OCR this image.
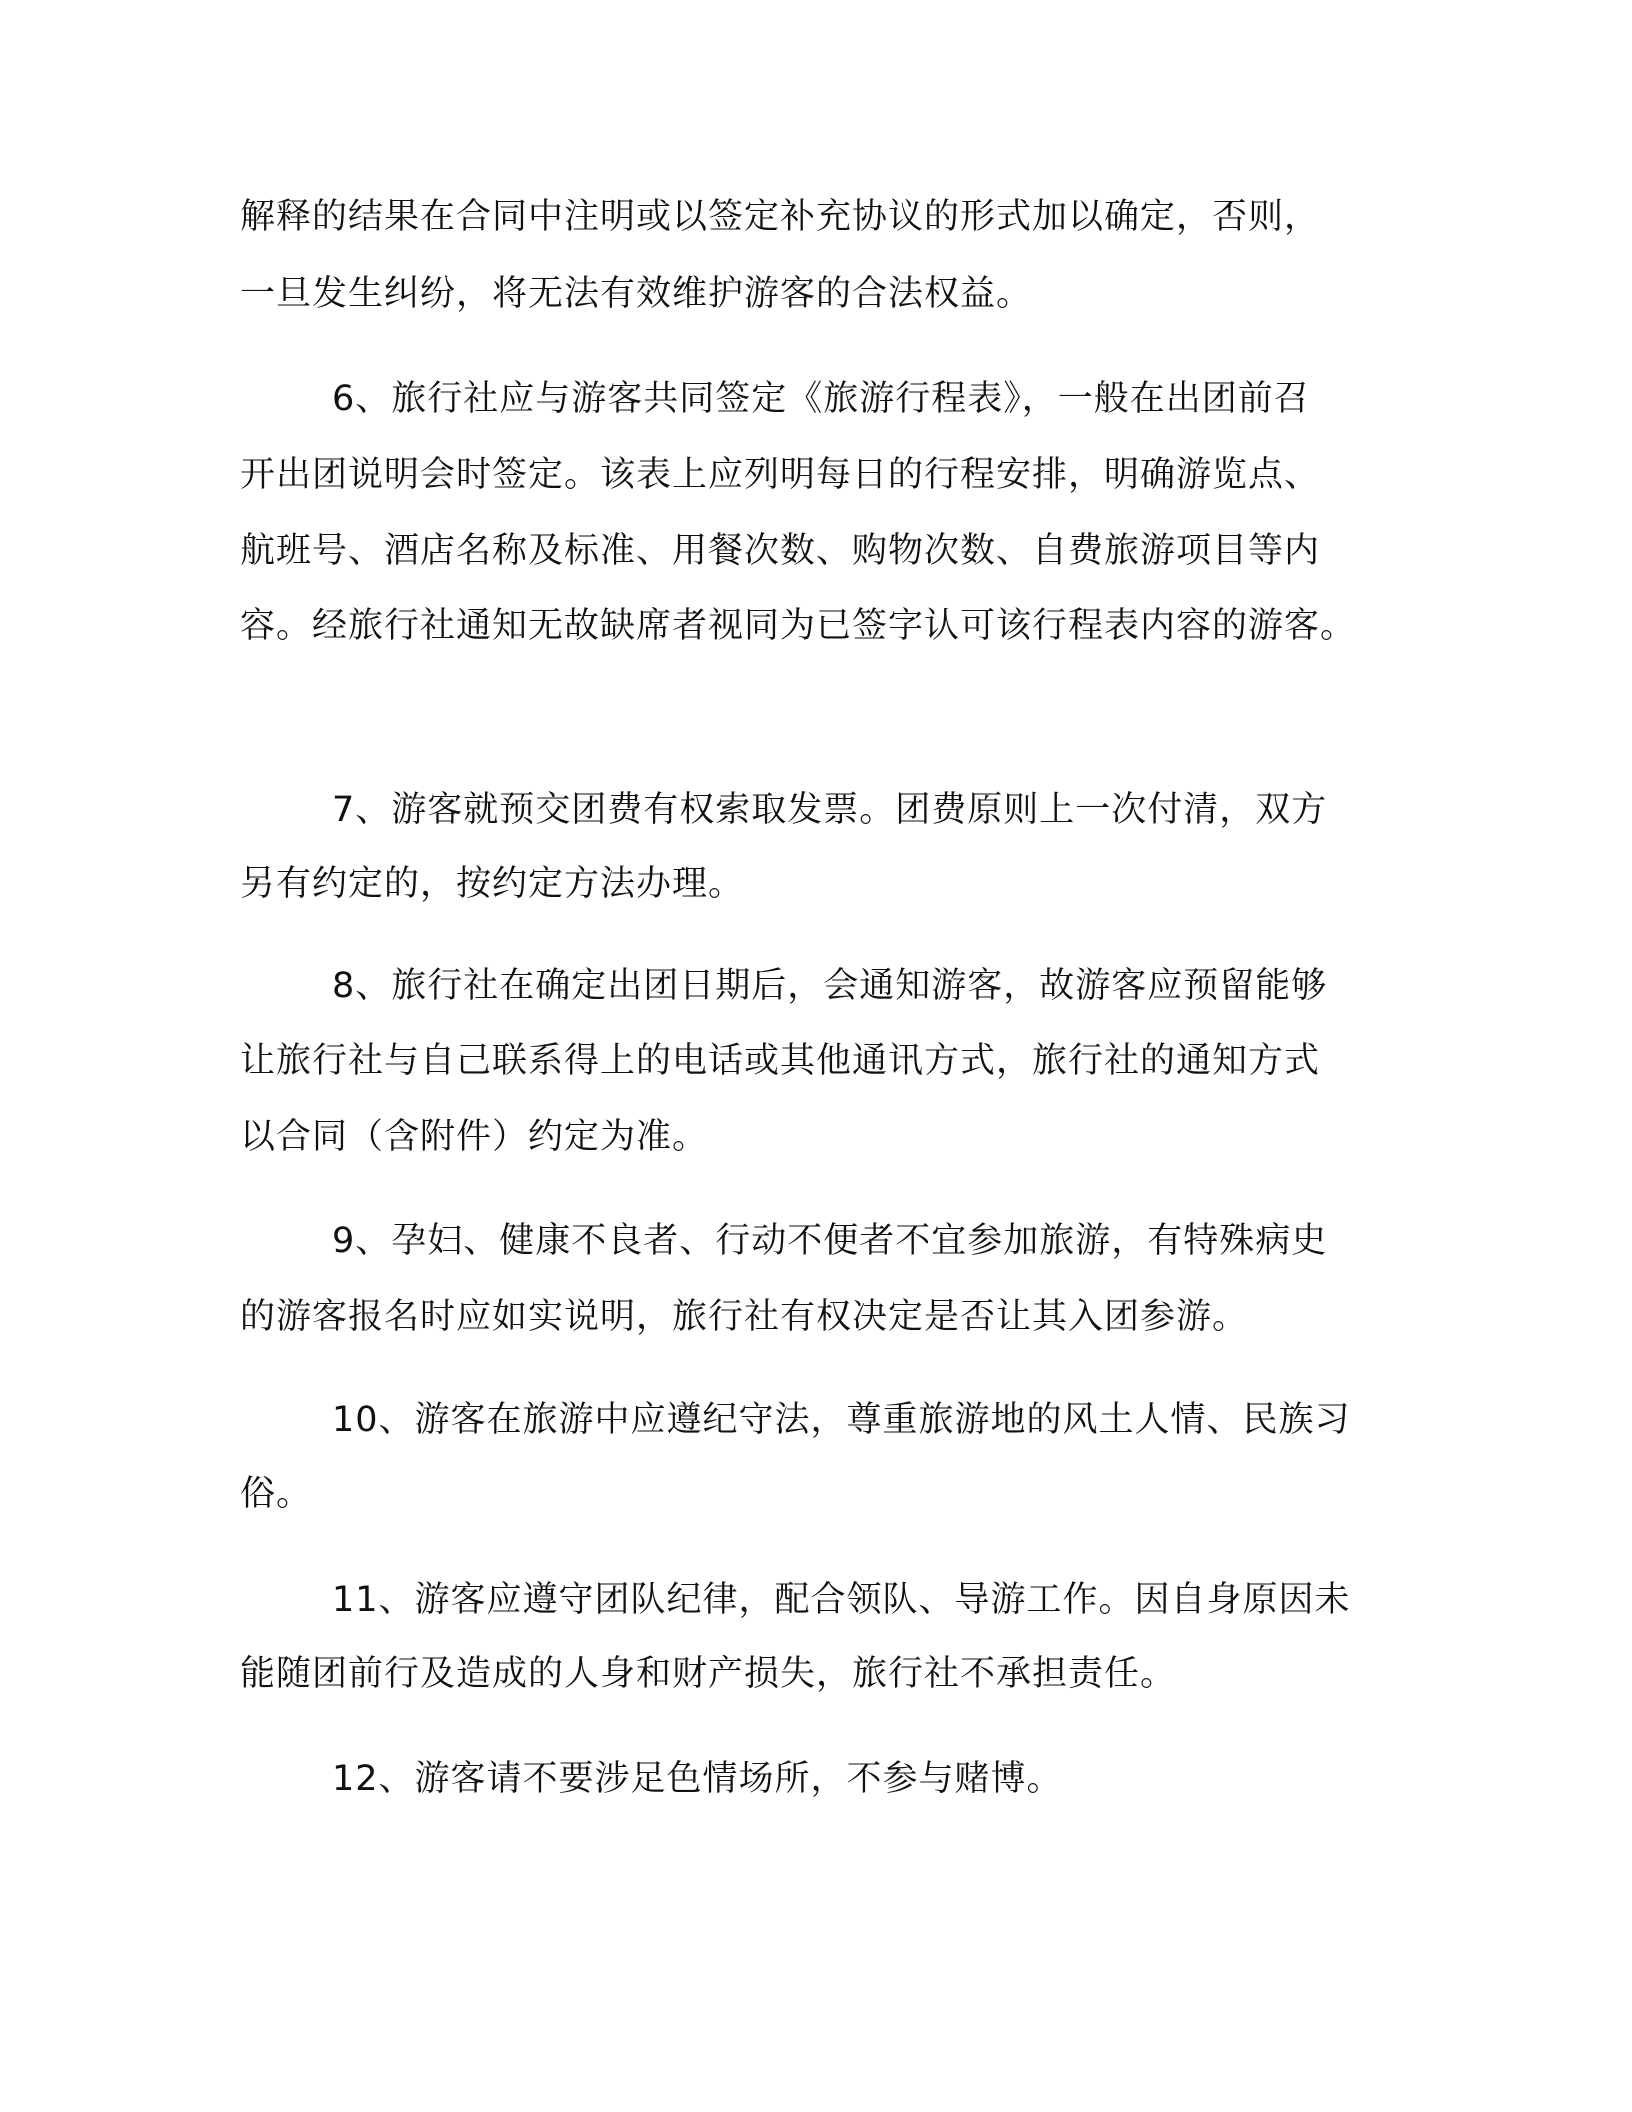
解释的结果在合同中注明或以签定补充协议的形式加以确定，否则，
一旦发生纠纷，将无法有效维护游客的合法权益。
6、旅行社应与游客共同签定《旅游行程表》，一般在出团前召
开出团说明会时签定。该表上应列明每日的行程安排，明确游览点、
航班号、酒店名称及标准、用餐次数、购物次数、自费旅游项目等内
容。经旅行社通知无故缺席者视同为已签字认可该行程表内容的游客。
7、游客就预交团费有权索取发票。团费原则上一次付清，双方
另有约定的，按约定方法办理。
8、旅行社在确定出团日期后，会通知游客，故游客应预留能够
让旅行社与自己联系得上的电话或其他通讯方式，旅行社的通知方式
以合同（含附件）约定为准。
9、孕妇、健康不良者、行动不便者不宜参加旅游，有特殊病史
的游客报名时应如实说明，旅行社有权决定是否让其入团参游。
10、游客在旅游中应遵纪守法，尊重旅游地的风土人情、民族习
俗。
11、游客应遵守团队纪律，配合领队、导游工作。因自身原因未
能随团前行及造成的人身和财产损失，旅行社不承担责任。
12、游客请不要涉足色情场所，不参与赌博。
